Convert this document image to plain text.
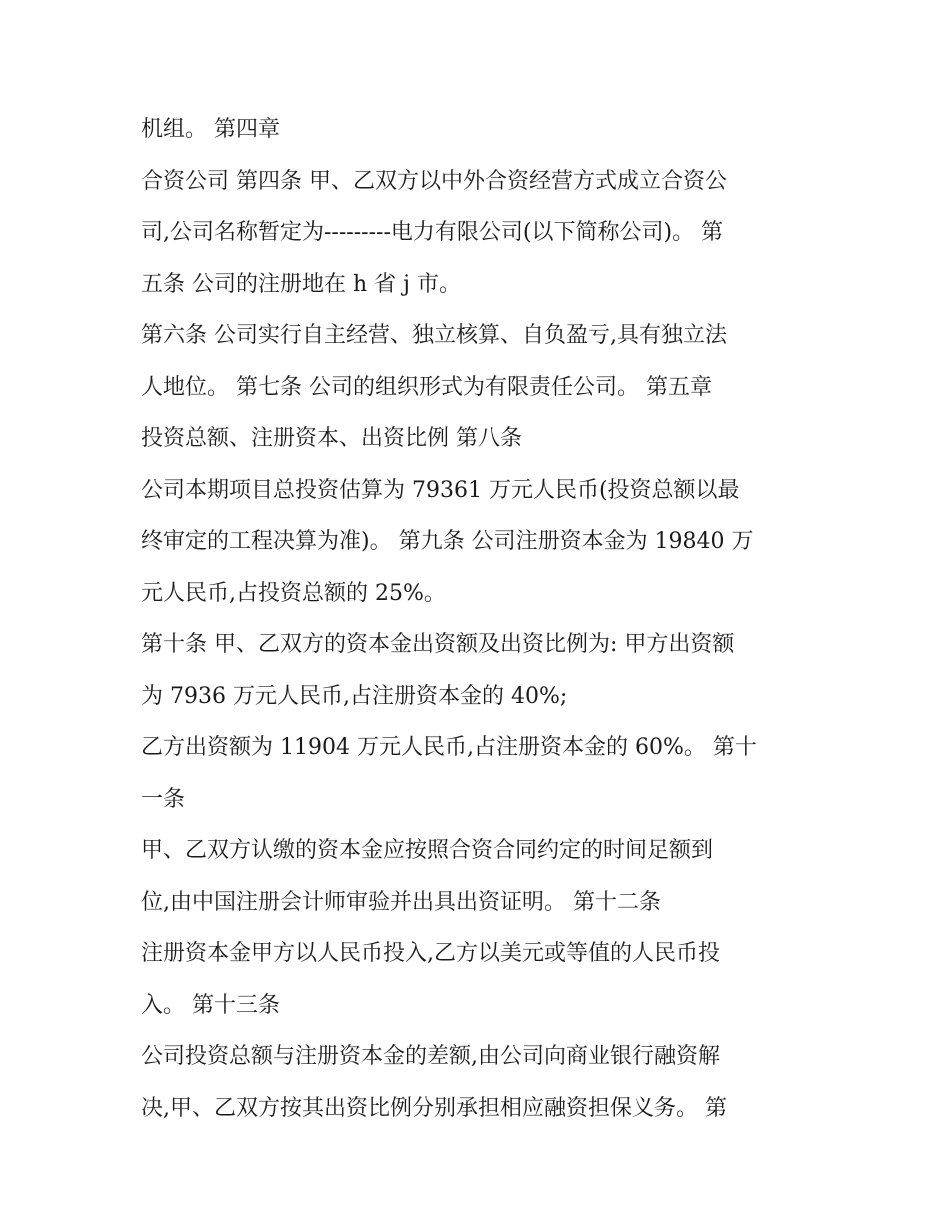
机组。 第四章
合资公司 第四条 甲、乙双方以中外合资经营方式成立合资公
司,公司名称暂定为---------电力有限公司(以下简称公司)。 第
五条 公司的注册地在 h 省 j 市。
第六条 公司实行自主经营、独立核算、自负盈亏,具有独立法
人地位。 第七条 公司的组织形式为有限责任公司。 第五章
投资总额、注册资本、出资比例 第八条
公司本期项目总投资估算为 79361 万元人民币(投资总额以最
终审定的工程决算为准)。 第九条 公司注册资本金为 19840 万
元人民币,占投资总额的 25%。
第十条 甲、乙双方的资本金出资额及出资比例为: 甲方出资额
为 7936 万元人民币,占注册资本金的 40%;
乙方出资额为 11904 万元人民币,占注册资本金的 60%。 第十
一条
甲、乙双方认缴的资本金应按照合资合同约定的时间足额到
位,由中国注册会计师审验并出具出资证明。 第十二条
注册资本金甲方以人民币投入,乙方以美元或等值的人民币投
入。 第十三条
公司投资总额与注册资本金的差额,由公司向商业银行融资解
决,甲、乙双方按其出资比例分别承担相应融资担保义务。 第
